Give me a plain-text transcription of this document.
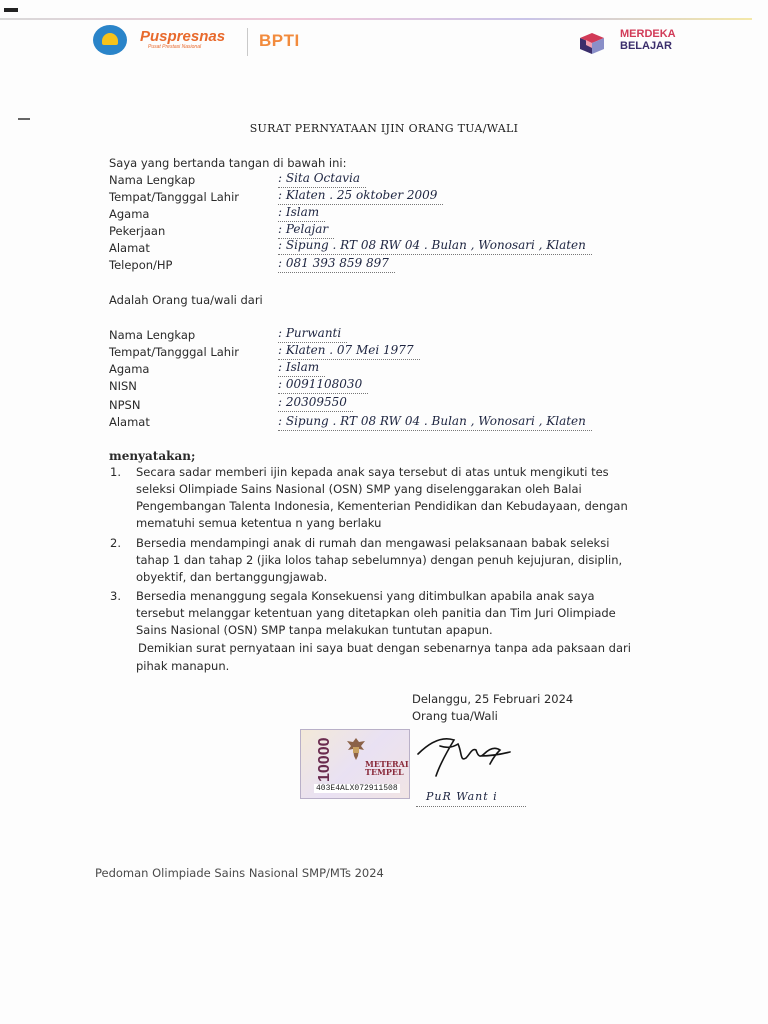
Puspresnas
Pusat Prestasi Nasional	BPTI	MERDEKA
BELAJAR
SURAT PERNYATAAN IJIN ORANG TUA/WALI
Saya yang bertanda tangan di bawah ini:
Nama Lengkap	: Sita Octavia
Tempat/Tangggal Lahir	: Klaten . 25 oktober 2009
Agama	: Islam
Pekerjaan	: Pelajar
Alamat	: Sipung . RT 08 RW 04 . Bulan , Wonosari , Klaten
Telepon/HP	: 081 393 859 897
Adalah Orang tua/wali dari
Nama Lengkap	: Purwanti
Tempat/Tangggal Lahir	: Klaten . 07 Mei 1977
Agama	: Islam
NISN	: 0091108030
NPSN	: 20309550
Alamat	: Sipung . RT 08 RW 04 . Bulan , Wonosari , Klaten
menyatakan;
1. Secara sadar memberi ijin kepada anak saya tersebut di atas untuk mengikuti tes
seleksi Olimpiade Sains Nasional (OSN) SMP yang diselenggarakan oleh Balai
Pengembangan Talenta Indonesia, Kementerian Pendidikan dan Kebudayaan, dengan
mematuhi semua ketentua n yang berlaku
2. Bersedia mendampingi anak di rumah dan mengawasi pelaksanaan babak seleksi
tahap 1 dan tahap 2 (jika lolos tahap sebelumnya) dengan penuh kejujuran, disiplin,
obyektif, dan bertanggungjawab.
3. Bersedia menanggung segala Konsekuensi yang ditimbulkan apabila anak saya
tersebut melanggar ketentuan yang ditetapkan oleh panitia dan Tim Juri Olimpiade
Sains Nasional (OSN) SMP tanpa melakukan tuntutan apapun.
Demikian surat pernyataan ini saya buat dengan sebenarnya tanpa ada paksaan dari
pihak manapun.
Delanggu, 25 Februari 2024
Orang tua/Wali
10000	METERAI
TEMPEL
403E4ALX072911508
PuR Want i
Pedoman Olimpiade Sains Nasional SMP/MTs 2024
